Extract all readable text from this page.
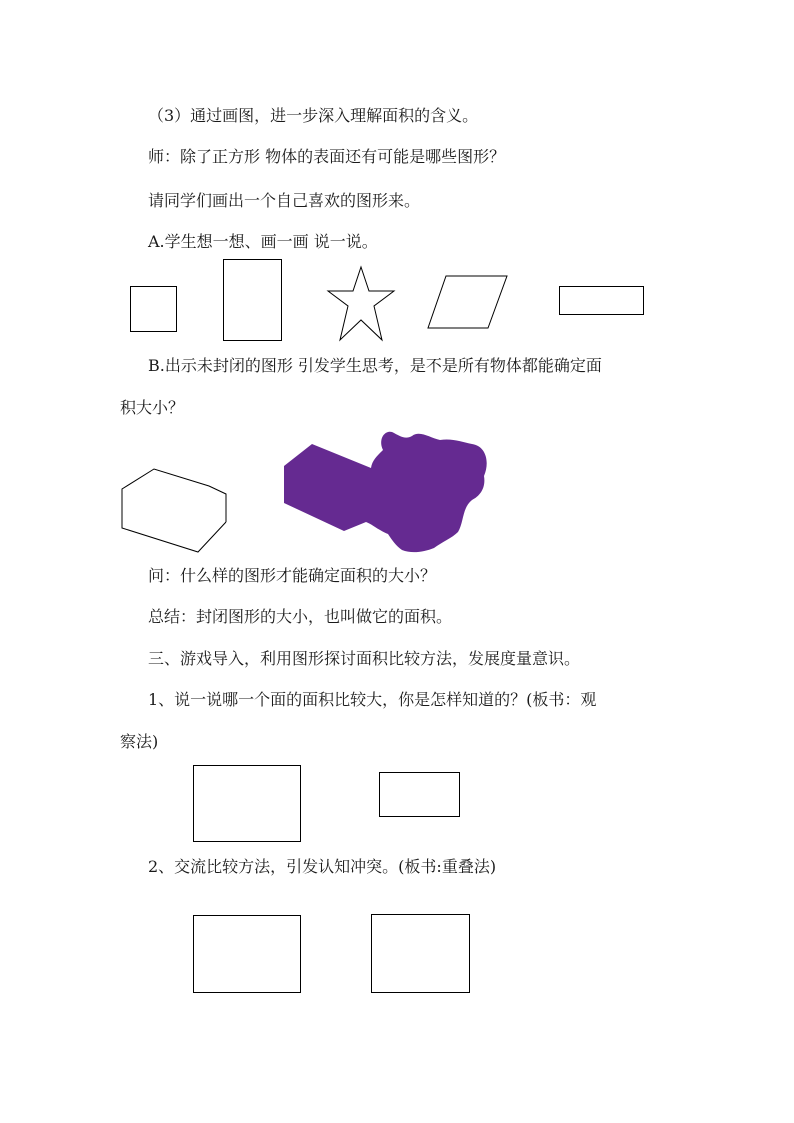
（3）通过画图，进一步深入理解面积的含义。
师：除了正方形 物体的表面还有可能是哪些图形？
请同学们画出一个自己喜欢的图形来。
A.学生想一想、画一画 说一说。
B.出示未封闭的图形 引发学生思考，是不是所有物体都能确定面
积大小？
问：什么样的图形才能确定面积的大小？
总结：封闭图形的大小，也叫做它的面积。
三、游戏导入，利用图形探讨面积比较方法，发展度量意识。
1、说一说哪一个面的面积比较大，你是怎样知道的？(板书：观
察法)
2、交流比较方法，引发认知冲突。(板书:重叠法)
